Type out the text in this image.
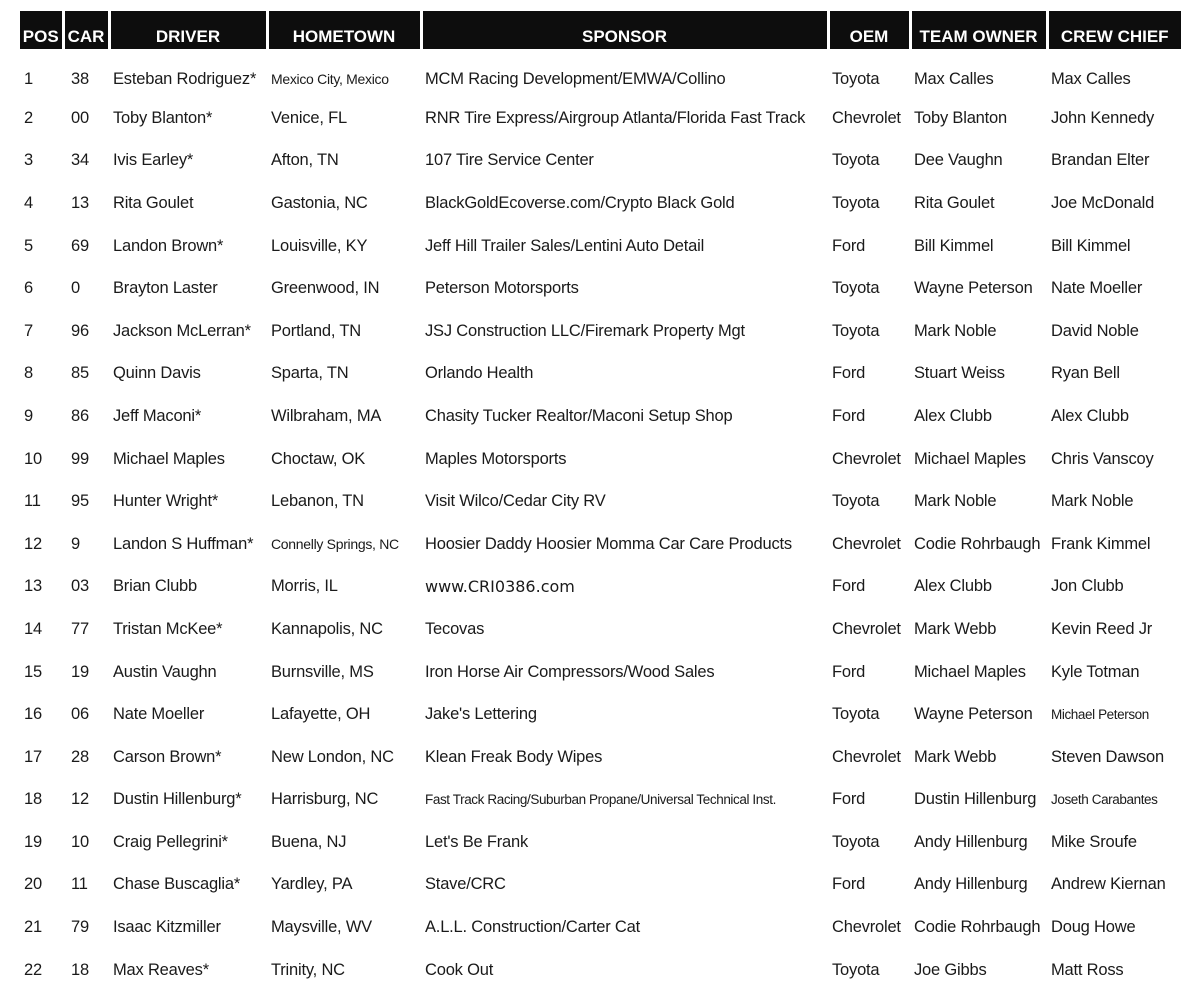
POS	CAR	DRIVER	HOMETOWN	SPONSOR	OEM	TEAM OWNER	CREW CHIEF
1	38	Esteban Rodriguez*	Mexico City, Mexico	MCM Racing Development/EMWA/Collino	Toyota	Max Calles	Max Calles
2	00	Toby Blanton*	Venice, FL	RNR Tire Express/Airgroup Atlanta/Florida Fast Track	Chevrolet	Toby Blanton	John Kennedy
3	34	Ivis Earley*	Afton, TN	107 Tire Service Center	Toyota	Dee Vaughn	Brandan Elter
4	13	Rita Goulet	Gastonia, NC	BlackGoldEcoverse.com/Crypto Black Gold	Toyota	Rita Goulet	Joe McDonald
5	69	Landon Brown*	Louisville, KY	Jeff Hill Trailer Sales/Lentini Auto Detail	Ford	Bill Kimmel	Bill Kimmel
6	0	Brayton Laster	Greenwood, IN	Peterson Motorsports	Toyota	Wayne Peterson	Nate Moeller
7	96	Jackson McLerran*	Portland, TN	JSJ Construction LLC/Firemark Property Mgt	Toyota	Mark Noble	David Noble
8	85	Quinn Davis	Sparta, TN	Orlando Health	Ford	Stuart Weiss	Ryan Bell
9	86	Jeff Maconi*	Wilbraham, MA	Chasity Tucker Realtor/Maconi Setup Shop	Ford	Alex Clubb	Alex Clubb
10	99	Michael Maples	Choctaw, OK	Maples Motorsports	Chevrolet	Michael Maples	Chris Vanscoy
11	95	Hunter Wright*	Lebanon, TN	Visit Wilco/Cedar City RV	Toyota	Mark Noble	Mark Noble
12	9	Landon S Huffman*	Connelly Springs, NC	Hoosier Daddy Hoosier Momma Car Care Products	Chevrolet	Codie Rohrbaugh	Frank Kimmel
13	03	Brian Clubb	Morris, IL	www.CRI0386.com	Ford	Alex Clubb	Jon Clubb
14	77	Tristan McKee*	Kannapolis, NC	Tecovas	Chevrolet	Mark Webb	Kevin Reed Jr
15	19	Austin Vaughn	Burnsville, MS	Iron Horse Air Compressors/Wood Sales	Ford	Michael Maples	Kyle Totman
16	06	Nate Moeller	Lafayette, OH	Jake's Lettering	Toyota	Wayne Peterson	Michael Peterson
17	28	Carson Brown*	New London, NC	Klean Freak Body Wipes	Chevrolet	Mark Webb	Steven Dawson
18	12	Dustin Hillenburg*	Harrisburg, NC	Fast Track Racing/Suburban Propane/Universal Technical Inst.	Ford	Dustin Hillenburg	Joseth Carabantes
19	10	Craig Pellegrini*	Buena, NJ	Let's Be Frank	Toyota	Andy Hillenburg	Mike Sroufe
20	11	Chase Buscaglia*	Yardley, PA	Stave/CRC	Ford	Andy Hillenburg	Andrew Kiernan
21	79	Isaac Kitzmiller	Maysville, WV	A.L.L. Construction/Carter Cat	Chevrolet	Codie Rohrbaugh	Doug Howe
22	18	Max Reaves*	Trinity, NC	Cook Out	Toyota	Joe Gibbs	Matt Ross
